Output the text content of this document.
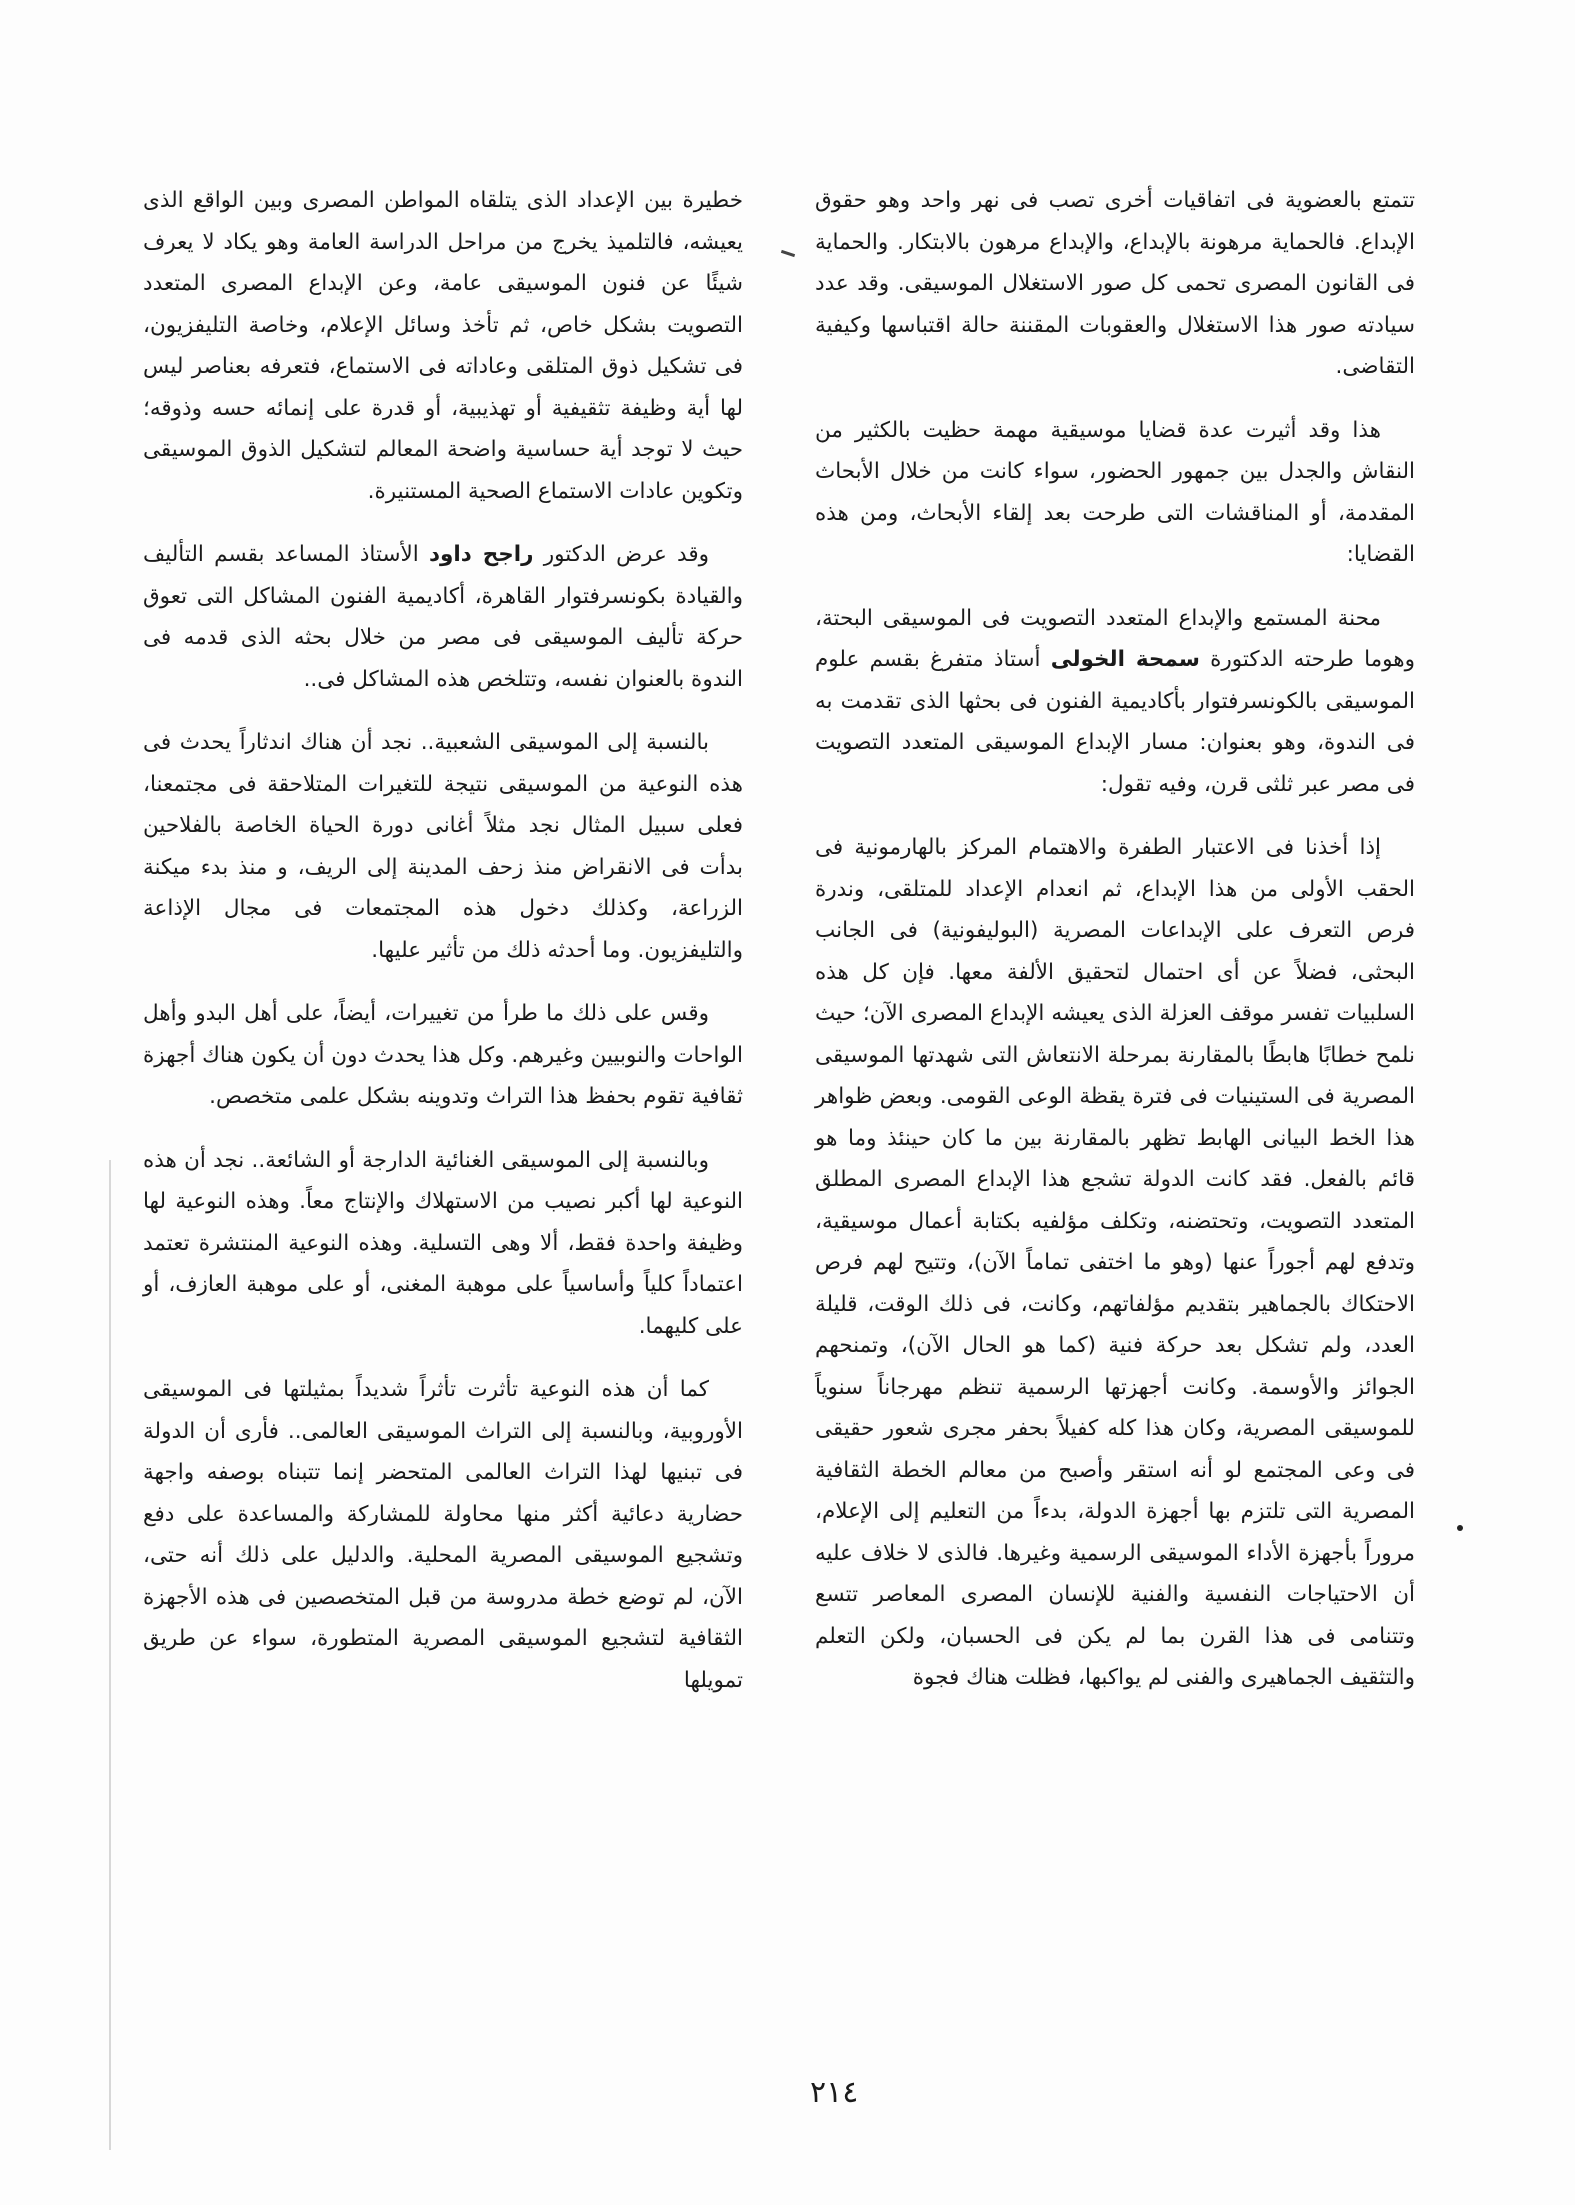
تتمتع بالعضوية فى اتفاقيات أخرى تصب فى نهر واحد وهو حقوق الإبداع. فالحماية مرهونة بالإبداع، والإبداع مرهون بالابتكار. والحماية فى القانون المصرى تحمى كل صور الاستغلال الموسيقى. وقد عدد سيادته صور هذا الاستغلال والعقوبات المقننة حالة اقتباسها وكيفية التقاضى.

هذا وقد أثيرت عدة قضايا موسيقية مهمة حظيت بالكثير من النقاش والجدل بين جمهور الحضور، سواء كانت من خلال الأبحاث المقدمة، أو المناقشات التى طرحت بعد إلقاء الأبحاث، ومن هذه القضايا:

محنة المستمع والإبداع المتعدد التصويت فى الموسيقى البحتة، وهوما طرحته الدكتورة سمحة الخولى أستاذ متفرغ بقسم علوم الموسيقى بالكونسرفتوار بأكاديمية الفنون فى بحثها الذى تقدمت به فى الندوة، وهو بعنوان: مسار الإبداع الموسيقى المتعدد التصويت فى مصر عبر ثلثى قرن، وفيه تقول:

إذا أخذنا فى الاعتبار الطفرة والاهتمام المركز بالهارمونية فى الحقب الأولى من هذا الإبداع، ثم انعدام الإعداد للمتلقى، وندرة فرص التعرف على الإبداعات المصرية (البوليفونية) فى الجانب البحثى، فضلاً عن أى احتمال لتحقيق الألفة معها. فإن كل هذه السلبيات تفسر موقف العزلة الذى يعيشه الإبداع المصرى الآن؛ حيث نلمح خطابًا هابطًا بالمقارنة بمرحلة الانتعاش التى شهدتها الموسيقى المصرية فى الستينيات فى فترة يقظة الوعى القومى. وبعض ظواهر هذا الخط البيانى الهابط تظهر بالمقارنة بين ما كان حينئذ وما هو قائم بالفعل. فقد كانت الدولة تشجع هذا الإبداع المصرى المطلق المتعدد التصويت، وتحتضنه، وتكلف مؤلفيه بكتابة أعمال موسيقية، وتدفع لهم أجوراً عنها (وهو ما اختفى تماماً الآن)، وتتيح لهم فرص الاحتكاك بالجماهير بتقديم مؤلفاتهم، وكانت، فى ذلك الوقت، قليلة العدد، ولم تشكل بعد حركة فنية (كما هو الحال الآن)، وتمنحهم الجوائز والأوسمة. وكانت أجهزتها الرسمية تنظم مهرجاناً سنوياً للموسيقى المصرية، وكان هذا كله كفيلاً بحفر مجرى شعور حقيقى فى وعى المجتمع لو أنه استقر وأصبح من معالم الخطة الثقافية المصرية التى تلتزم بها أجهزة الدولة، بدءاً من التعليم إلى الإعلام، مروراً بأجهزة الأداء الموسيقى الرسمية وغيرها. فالذى لا خلاف عليه أن الاحتياجات النفسية والفنية للإنسان المصرى المعاصر تتسع وتتنامى فى هذا القرن بما لم يكن فى الحسبان، ولكن التعلم والتثقيف الجماهيرى والفنى لم يواكبها، فظلت هناك فجوة

خطيرة بين الإعداد الذى يتلقاه المواطن المصرى وبين الواقع الذى يعيشه، فالتلميذ يخرج من مراحل الدراسة العامة وهو يكاد لا يعرف شيئًا عن فنون الموسيقى عامة، وعن الإبداع المصرى المتعدد التصويت بشكل خاص، ثم تأخذ وسائل الإعلام، وخاصة التليفزيون، فى تشكيل ذوق المتلقى وعاداته فى الاستماع، فتعرفه بعناصر ليس لها أية وظيفة تثقيفية أو تهذيبية، أو قدرة على إنمائه حسه وذوقه؛ حيث لا توجد أية حساسية واضحة المعالم لتشكيل الذوق الموسيقى وتكوين عادات الاستماع الصحية المستنيرة.

وقد عرض الدكتور راجح داود الأستاذ المساعد بقسم التأليف والقيادة بكونسرفتوار القاهرة، أكاديمية الفنون المشاكل التى تعوق حركة تأليف الموسيقى فى مصر من خلال بحثه الذى قدمه فى الندوة بالعنوان نفسه، وتتلخص هذه المشاكل فى..

بالنسبة إلى الموسيقى الشعبية.. نجد أن هناك اندثاراً يحدث فى هذه النوعية من الموسيقى نتيجة للتغيرات المتلاحقة فى مجتمعنا، فعلى سبيل المثال نجد مثلاً أغانى دورة الحياة الخاصة بالفلاحين بدأت فى الانقراض منذ زحف المدينة إلى الريف، و منذ بدء ميكنة الزراعة، وكذلك دخول هذه المجتمعات فى مجال الإذاعة والتليفزيون. وما أحدثه ذلك من تأثير عليها.

وقس على ذلك ما طرأ من تغييرات، أيضاً، على أهل البدو وأهل الواحات والنوبيين وغيرهم. وكل هذا يحدث دون أن يكون هناك أجهزة ثقافية تقوم بحفظ هذا التراث وتدوينه بشكل علمى متخصص.

وبالنسبة إلى الموسيقى الغنائية الدارجة أو الشائعة.. نجد أن هذه النوعية لها أكبر نصيب من الاستهلاك والإنتاج معاً. وهذه النوعية لها وظيفة واحدة فقط، ألا وهى التسلية. وهذه النوعية المنتشرة تعتمد اعتماداً كلياً وأساسياً على موهبة المغنى، أو على موهبة العازف، أو على كليهما.

كما أن هذه النوعية تأثرت تأثراً شديداً بمثيلتها فى الموسيقى الأوروبية، وبالنسبة إلى التراث الموسيقى العالمى.. فأرى أن الدولة فى تبنيها لهذا التراث العالمى المتحضر إنما تتبناه بوصفه واجهة حضارية دعائية أكثر منها محاولة للمشاركة والمساعدة على دفع وتشجيع الموسيقى المصرية المحلية. والدليل على ذلك أنه حتى، الآن، لم توضع خطة مدروسة من قبل المتخصصين فى هذه الأجهزة الثقافية لتشجيع الموسيقى المصرية المتطورة، سواء عن طريق تمويلها

٢١٤
